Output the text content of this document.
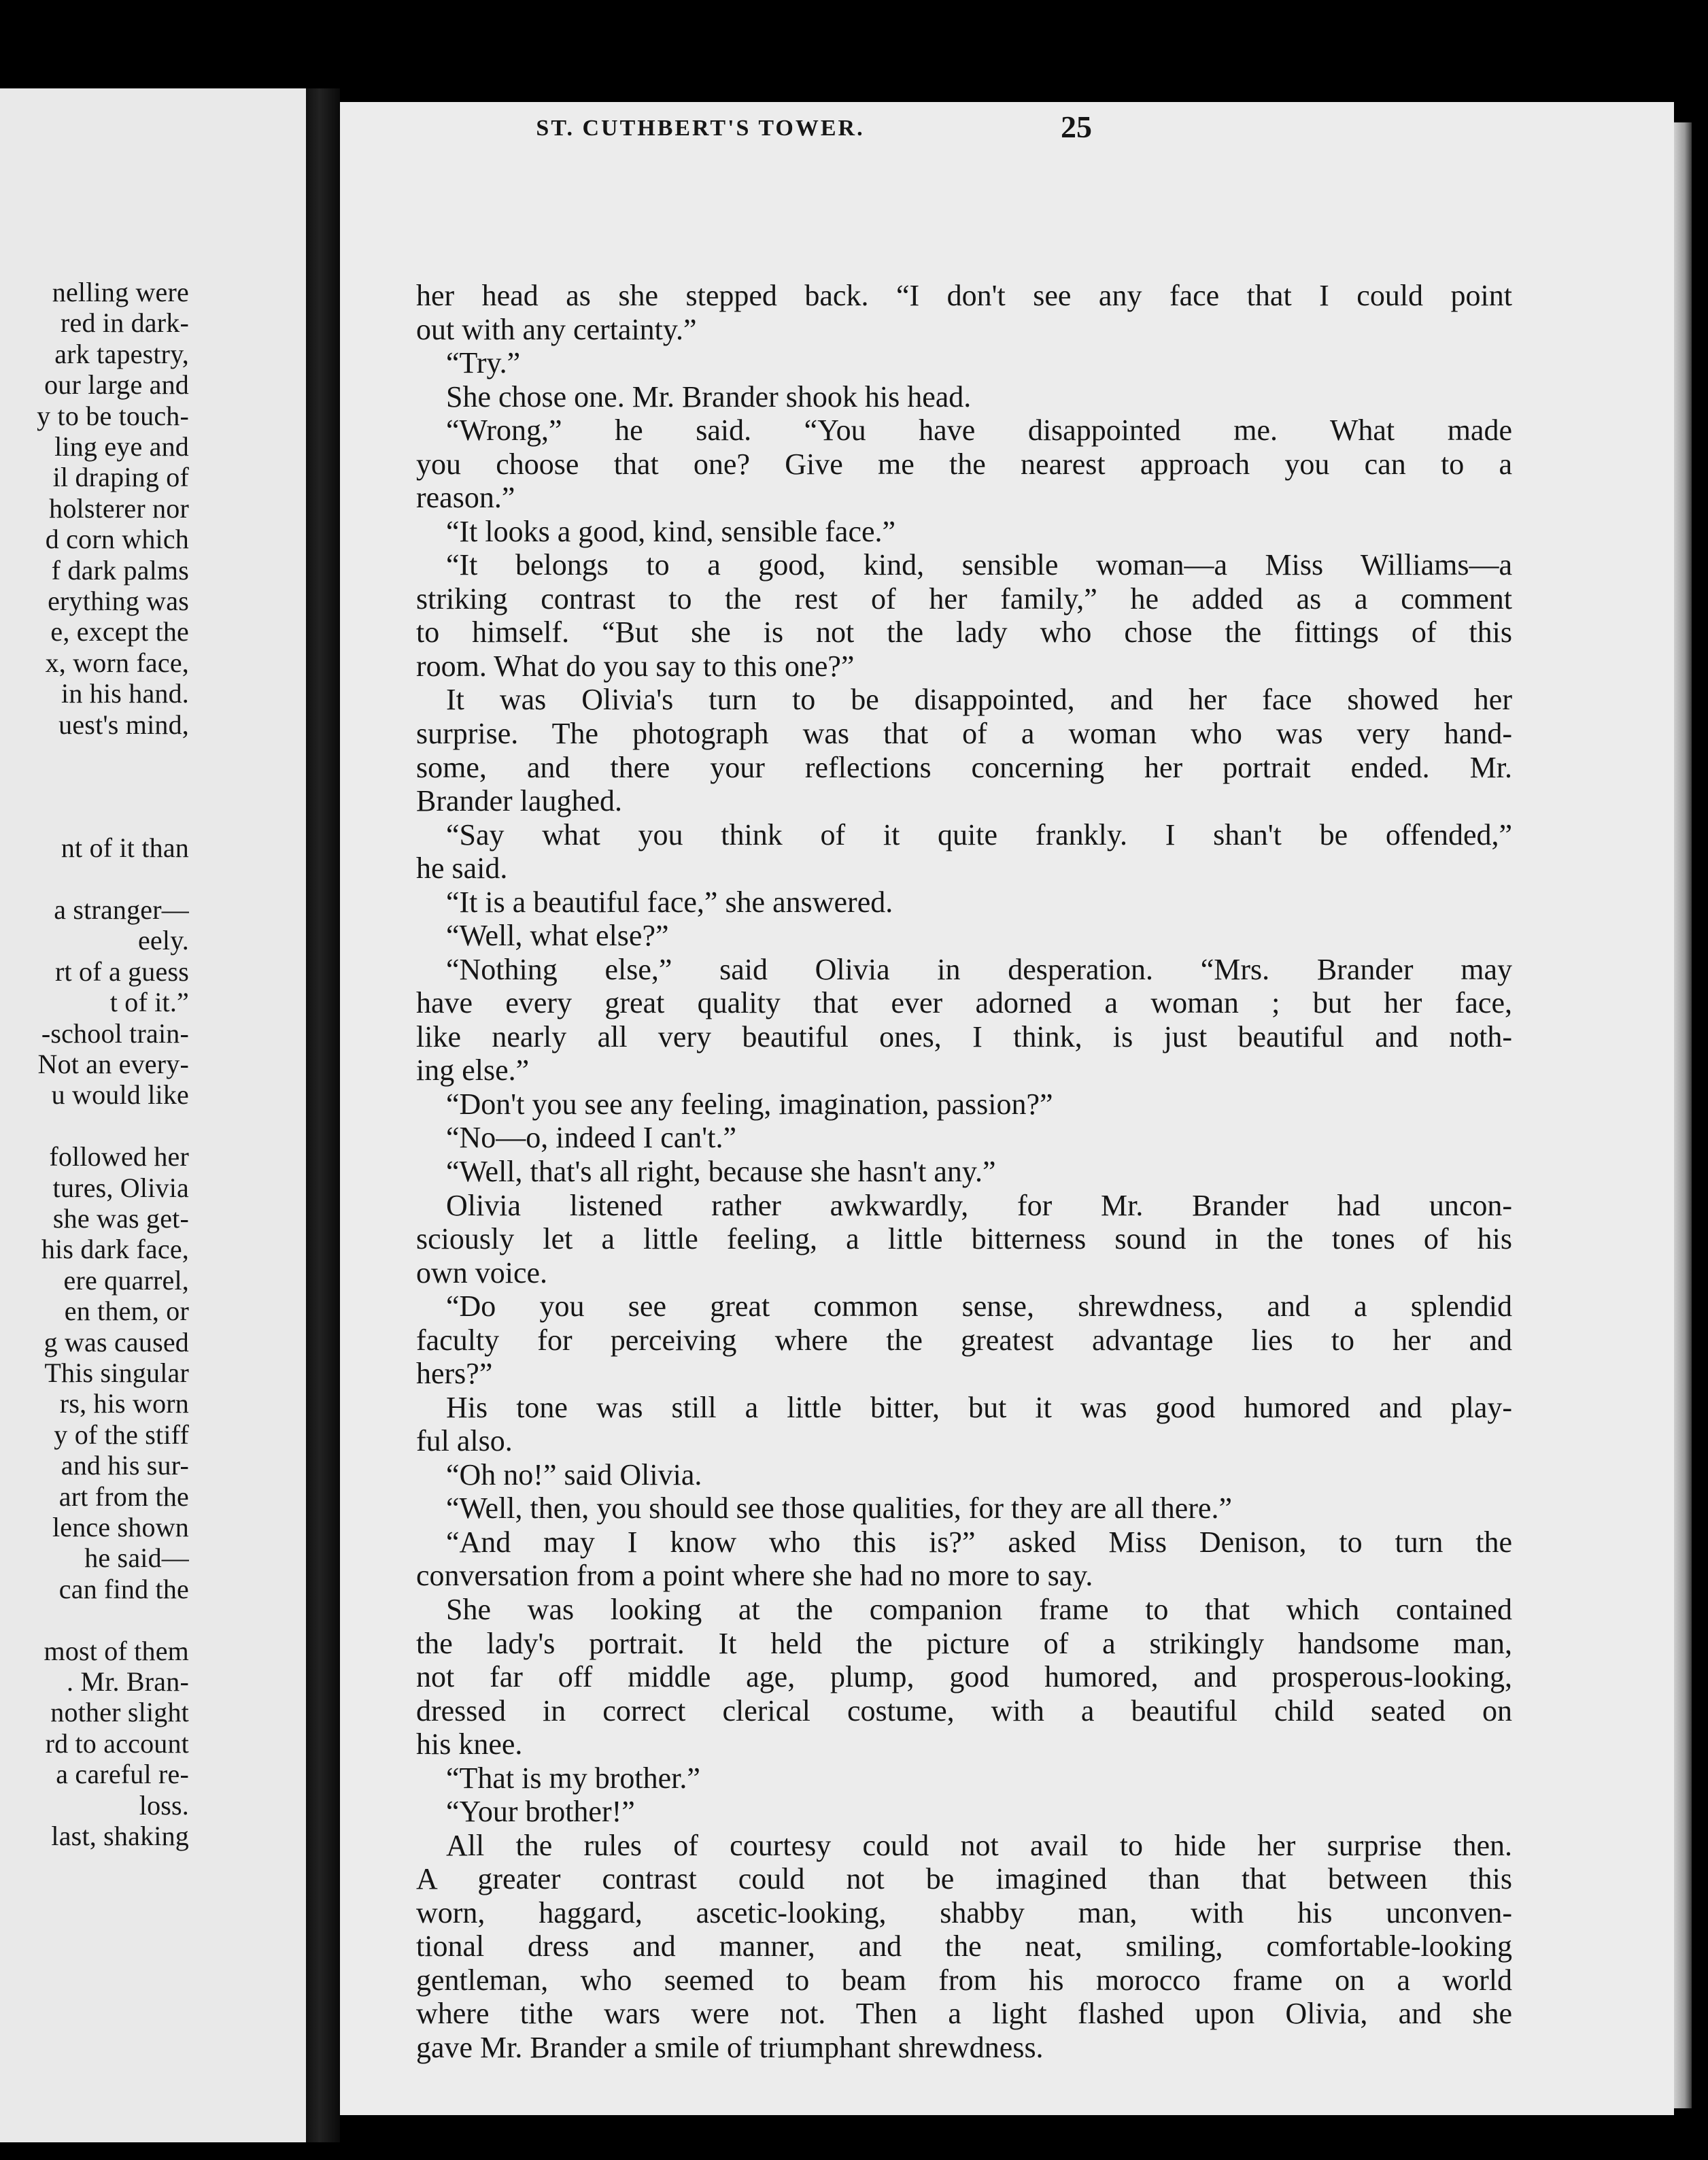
nelling were
red in dark-
ark tapestry,
our large and
y to be touch-
ling eye and
il draping of
holsterer nor
d corn which
f dark palms
erything was
e, except the
x, worn face,
in his hand.
uest's mind,
nt of it than
a stranger—
eely.
rt of a guess
t of it.”
-school train-
Not an every-
u would like
followed her
tures, Olivia
she was get-
his dark face,
ere quarrel,
en them, or
g was caused
This singular
rs, his worn
y of the stiff
and his sur-
art from the
lence shown
he said—
can find the
most of them
. Mr. Bran-
nother slight
rd to account
a careful re-
loss.
last, shaking
her head as she stepped back. “I don't see any face that I could point
out with any certainty.”
“Try.”
She chose one. Mr. Brander shook his head.
“Wrong,” he said. “You have disappointed me. What made
you choose that one? Give me the nearest approach you can to a
reason.”
“It looks a good, kind, sensible face.”
“It belongs to a good, kind, sensible woman—a Miss Williams—a
striking contrast to the rest of her family,” he added as a comment
to himself. “But she is not the lady who chose the fittings of this
room. What do you say to this one?”
It was Olivia's turn to be disappointed, and her face showed her
surprise. The photograph was that of a woman who was very hand-
some, and there your reflections concerning her portrait ended. Mr.
Brander laughed.
“Say what you think of it quite frankly. I shan't be offended,”
he said.
“It is a beautiful face,” she answered.
“Well, what else?”
“Nothing else,” said Olivia in desperation. “Mrs. Brander may
have every great quality that ever adorned a woman ; but her face,
like nearly all very beautiful ones, I think, is just beautiful and noth-
ing else.”
“Don't you see any feeling, imagination, passion?”
“No—o, indeed I can't.”
“Well, that's all right, because she hasn't any.”
Olivia listened rather awkwardly, for Mr. Brander had uncon-
sciously let a little feeling, a little bitterness sound in the tones of his
own voice.
“Do you see great common sense, shrewdness, and a splendid
faculty for perceiving where the greatest advantage lies to her and
hers?”
His tone was still a little bitter, but it was good humored and play-
ful also.
“Oh no!” said Olivia.
“Well, then, you should see those qualities, for they are all there.”
“And may I know who this is?” asked Miss Denison, to turn the
conversation from a point where she had no more to say.
She was looking at the companion frame to that which contained
the lady's portrait. It held the picture of a strikingly handsome man,
not far off middle age, plump, good humored, and prosperous-looking,
dressed in correct clerical costume, with a beautiful child seated on
his knee.
“That is my brother.”
“Your brother!”
All the rules of courtesy could not avail to hide her surprise then.
A greater contrast could not be imagined than that between this
worn, haggard, ascetic-looking, shabby man, with his unconven-
tional dress and manner, and the neat, smiling, comfortable-looking
gentleman, who seemed to beam from his morocco frame on a world
where tithe wars were not. Then a light flashed upon Olivia, and she
gave Mr. Brander a smile of triumphant shrewdness.
ST. CUTHBERT'S TOWER.	25
